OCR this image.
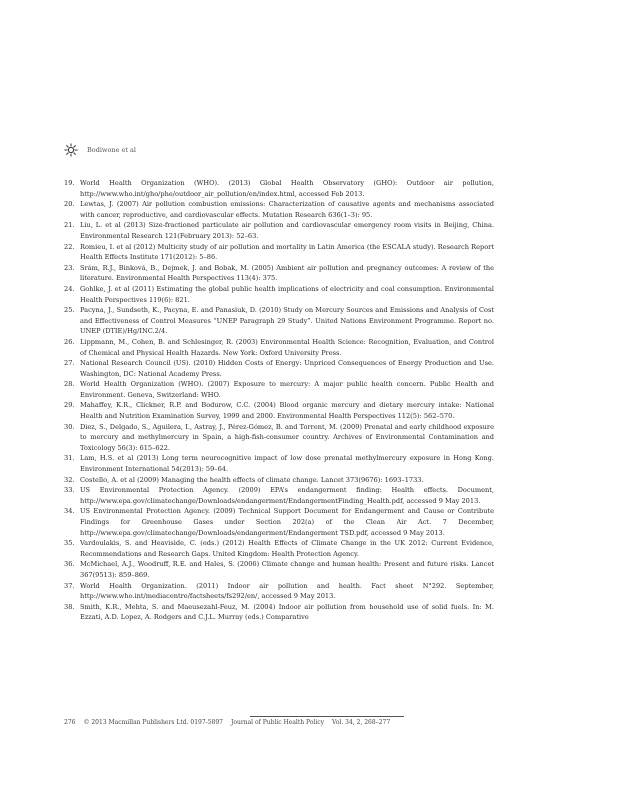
Bodiwone et al
19. World Health Organization (WHO). (2013) Global Health Observatory (GHO): Outdoor air pollution, http://www.who.int/gho/phe/outdoor_air_pollution/en/index.html, accessed Feb 2013.
20. Lewtas, J. (2007) Air pollution combustion emissions: Characterization of causative agents and mechanisms associated with cancer, reproductive, and cardiovascular effects. Mutation Research 636(1–3): 95.
21. Liu, L. et al (2013) Size-fractioned particulate air pollution and cardiovascular emergency room visits in Beijing, China. Environmental Research 121(February 2013): 52–63.
22. Romieu, I. et al (2012) Multicity study of air pollution and mortality in Latin America (the ESCALA study). Research Report Health Effects Institute 171(2012): 5–86.
23. Srám, R.J., Binková, B., Dejmek, J. and Bobak, M. (2005) Ambient air pollution and pregnancy outcomes: A review of the literature. Environmental Health Perspectives 113(4): 375.
24. Gohlke, J. et al (2011) Estimating the global public health implications of electricity and coal consumption. Environmental Health Perspectives 119(6): 821.
25. Pacyna, J., Sundseth, K., Pacyna, E. and Panasiuk, D. (2010) Study on Mercury Sources and Emissions and Analysis of Cost and Effectiveness of Control Measures “UNEP Paragraph 29 Study”. United Nations Environment Programme. Report no. UNEP (DTIE)/Hg/INC.2/4.
26. Lippmann, M., Cohen, B. and Schlesinger, R. (2003) Environmental Health Science: Recognition, Evaluation, and Control of Chemical and Physical Health Hazards. New York: Oxford University Press.
27. National Research Council (US). (2010) Hidden Costs of Energy: Unpriced Consequences of Energy Production and Use. Washington, DC: National Academy Press.
28. World Health Organization (WHO). (2007) Exposure to mercury: A major public health concern. Public Health and Environment. Geneva, Switzerland: WHO.
29. Mahaffey, K.R., Clickner, R.P. and Bodurow, C.C. (2004) Blood organic mercury and dietary mercury intake: National Health and Nutrition Examination Survey, 1999 and 2000. Environmental Health Perspectives 112(5): 562–570.
30. Diez, S., Delgado, S., Aguilera, I., Astray, J., Pérez-Gómez, B. and Torrent, M. (2009) Prenatal and early childhood exposure to mercury and methylmercury in Spain, a high-fish-consumer country. Archives of Environmental Contamination and Toxicology 56(3): 615–622.
31. Lam, H.S. et al (2013) Long term neurocognitive impact of low dose prenatal methylmercury exposure in Hong Kong. Environment International 54(2013): 59–64.
32. Costello, A. et al (2009) Managing the health effects of climate change. Lancet 373(9676): 1693–1733.
33. US Environmental Protection Agency. (2009) EPA’s endangerment finding: Health effects. Document, http://www.epa.gov/climatechange/Downloads/endangerment/EndangermentFinding_Health.pdf, accessed 9 May 2013.
34. US Environmental Protection Agency. (2009) Technical Support Document for Endangerment and Cause or Contribute Findings for Greenhouse Gases under Section 202(a) of the Clean Air Act. 7 December, http://www.epa.gov/climatechange/Downloads/endangerment/Endangerment TSD.pdf, accessed 9 May 2013.
35. Vardoulakis, S. and Heaviside, C. (eds.) (2012) Health Effects of Climate Change in the UK 2012: Current Evidence, Recommendations and Research Gaps. United Kingdom: Health Protection Agency.
36. McMichael, A.J., Woodruff, R.E. and Hales, S. (2006) Climate change and human health: Present and future risks. Lancet 367(9513): 859–869.
37. World Health Organization. (2011) Indoor air pollution and health. Fact sheet N°292. September, http://www.who.int/mediacentre/factsheets/fs292/en/, accessed 9 May 2013.
38. Smith, K.R., Mehta, S. and Maeusezahl-Feuz, M. (2004) Indoor air pollution from household use of solid fuels. In: M. Ezzati, A.D. Lopez, A. Rodgers and C.J.L. Murray (eds.) Comparative
276 © 2013 Macmillan Publishers Ltd. 0197-5897 Journal of Public Health Policy Vol. 34, 2, 268–277
